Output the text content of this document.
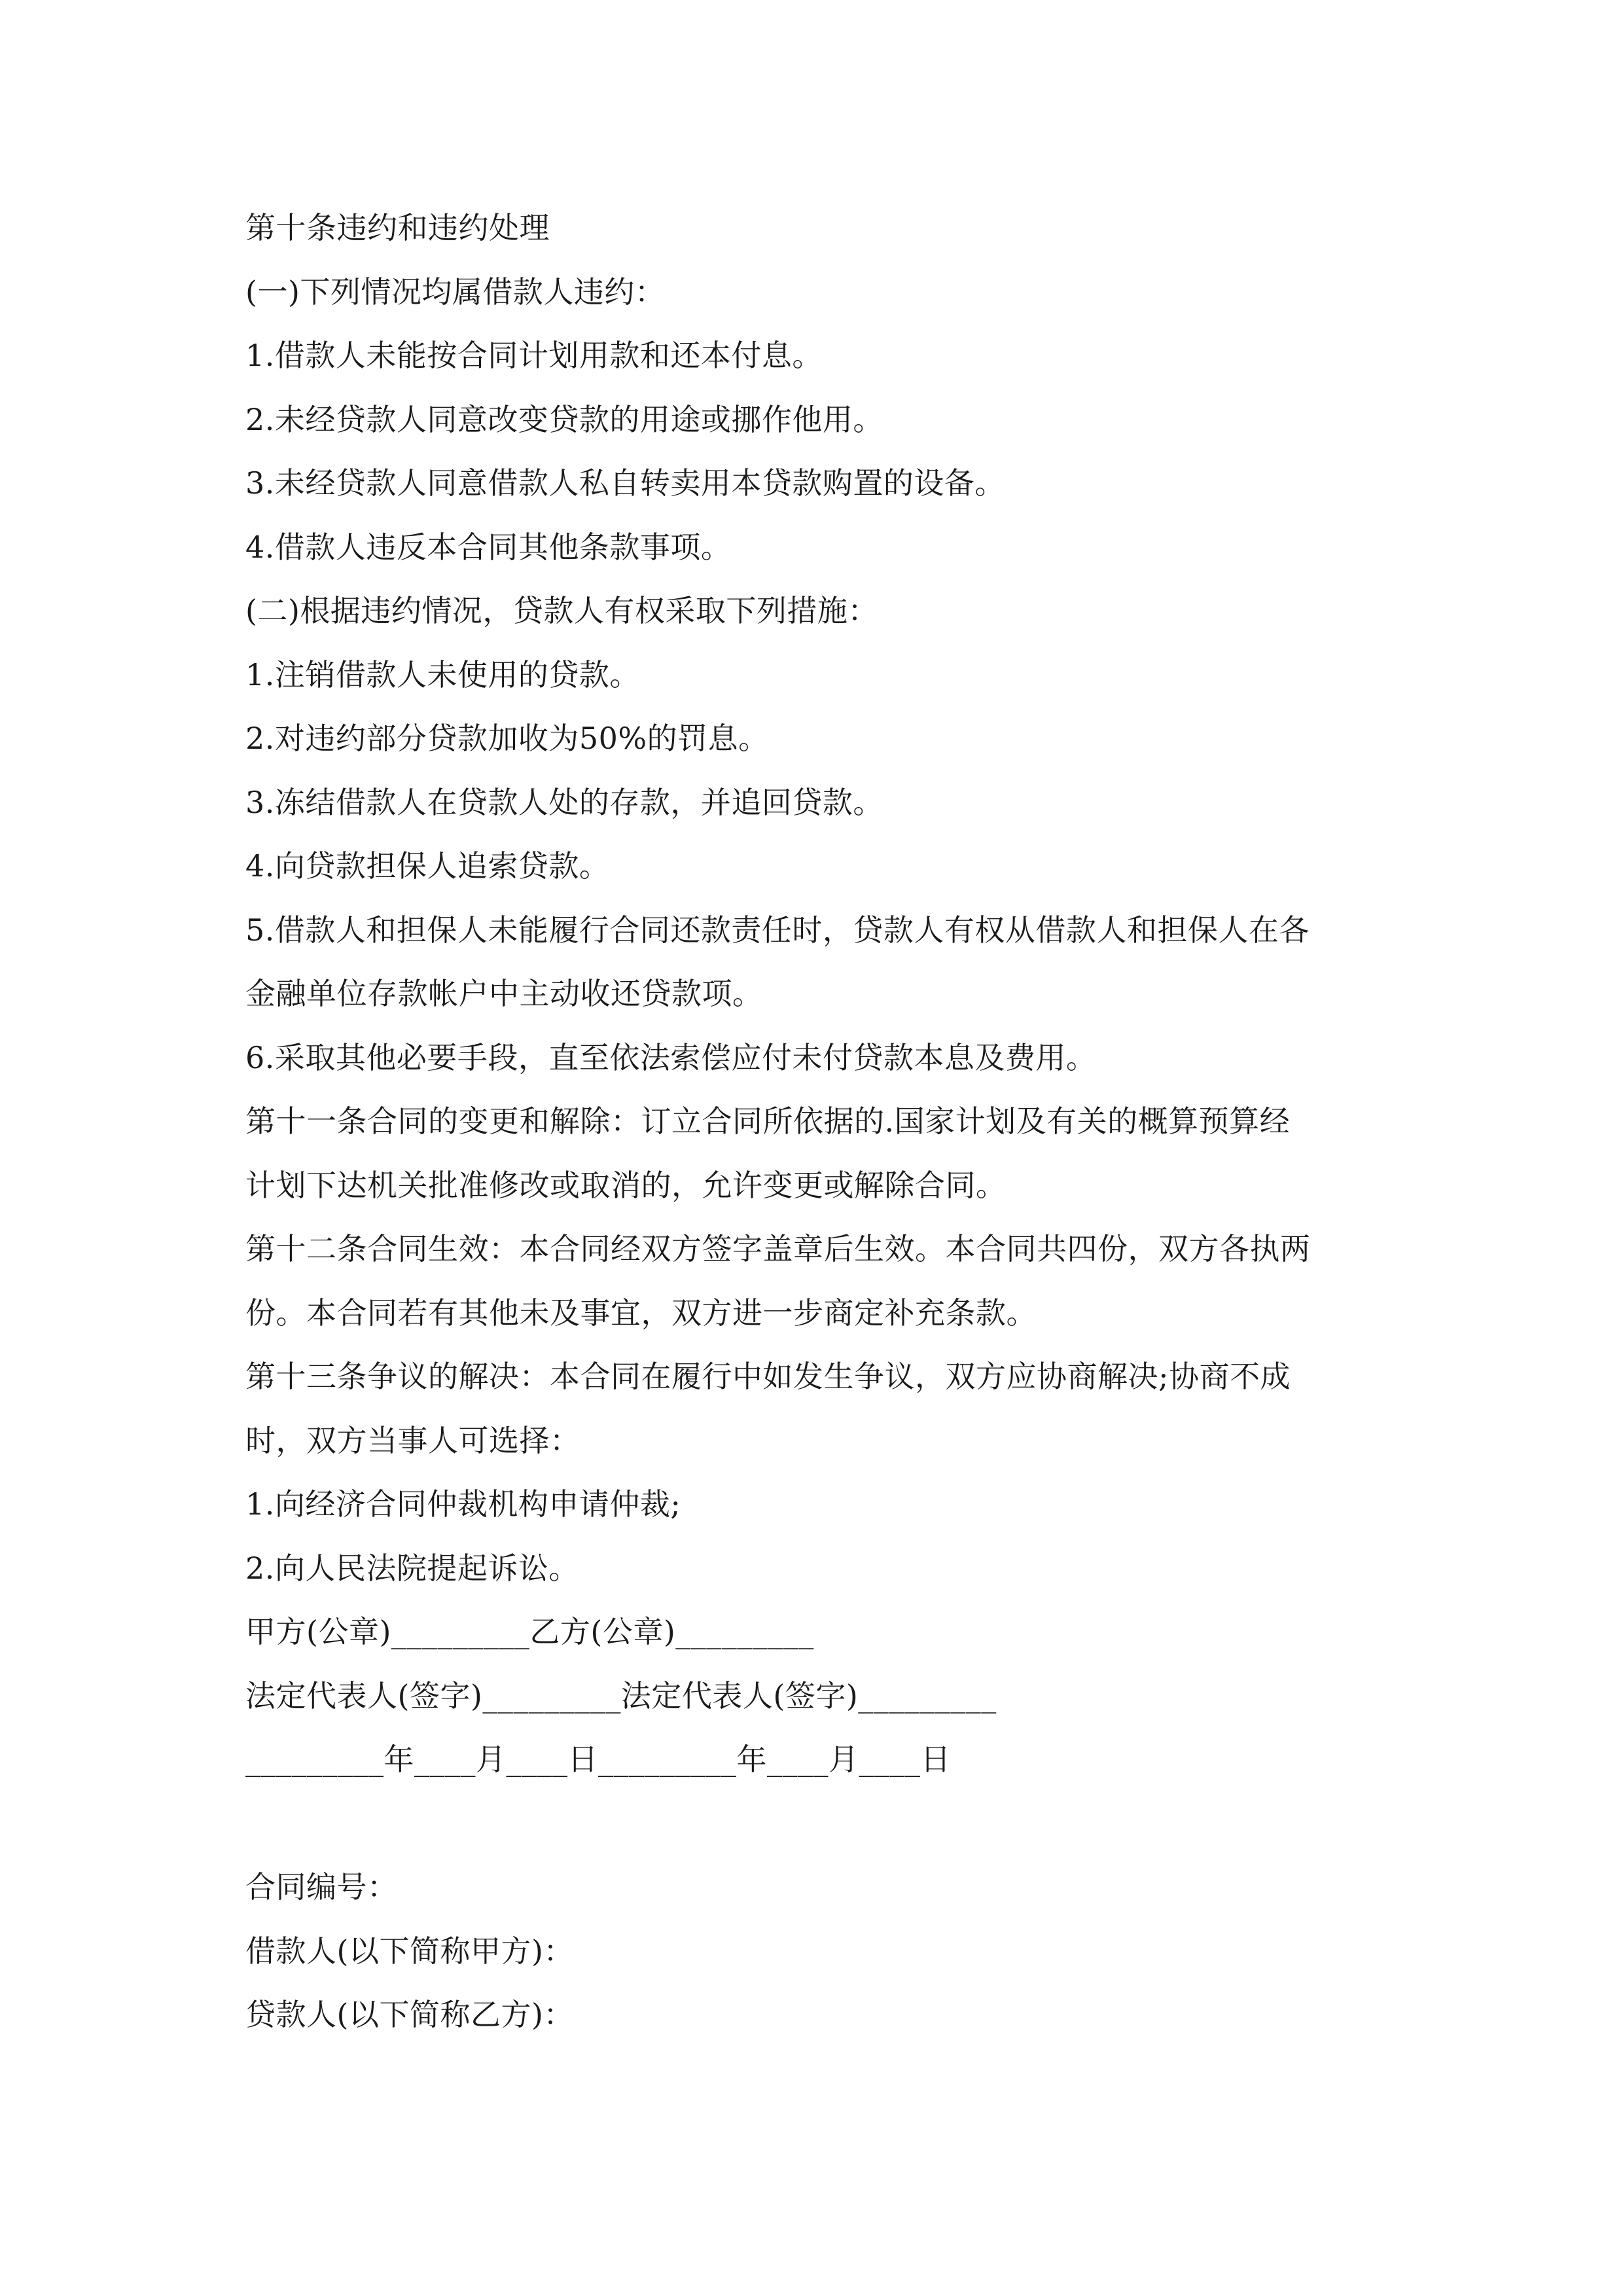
第十条违约和违约处理
(一)下列情况均属借款人违约：
1.借款人未能按合同计划用款和还本付息。
2.未经贷款人同意改变贷款的用途或挪作他用。
3.未经贷款人同意借款人私自转卖用本贷款购置的设备。
4.借款人违反本合同其他条款事项。
(二)根据违约情况，贷款人有权采取下列措施：
1.注销借款人未使用的贷款。
2.对违约部分贷款加收为50%的罚息。
3.冻结借款人在贷款人处的存款，并追回贷款。
4.向贷款担保人追索贷款。
5.借款人和担保人未能履行合同还款责任时，贷款人有权从借款人和担保人在各
金融单位存款帐户中主动收还贷款项。
6.采取其他必要手段，直至依法索偿应付未付贷款本息及费用。
第十一条合同的变更和解除：订立合同所依据的.国家计划及有关的概算预算经
计划下达机关批准修改或取消的，允许变更或解除合同。
第十二条合同生效：本合同经双方签字盖章后生效。本合同共四份，双方各执两
份。本合同若有其他未及事宜，双方进一步商定补充条款。
第十三条争议的解决：本合同在履行中如发生争议，双方应协商解决;协商不成
时，双方当事人可选择：
1.向经济合同仲裁机构申请仲裁;
2.向人民法院提起诉讼。
甲方(公章)_________乙方(公章)_________
法定代表人(签字)_________法定代表人(签字)_________
_________年____月____日_________年____月____日
合同编号：
借款人(以下简称甲方)：
贷款人(以下简称乙方)：
